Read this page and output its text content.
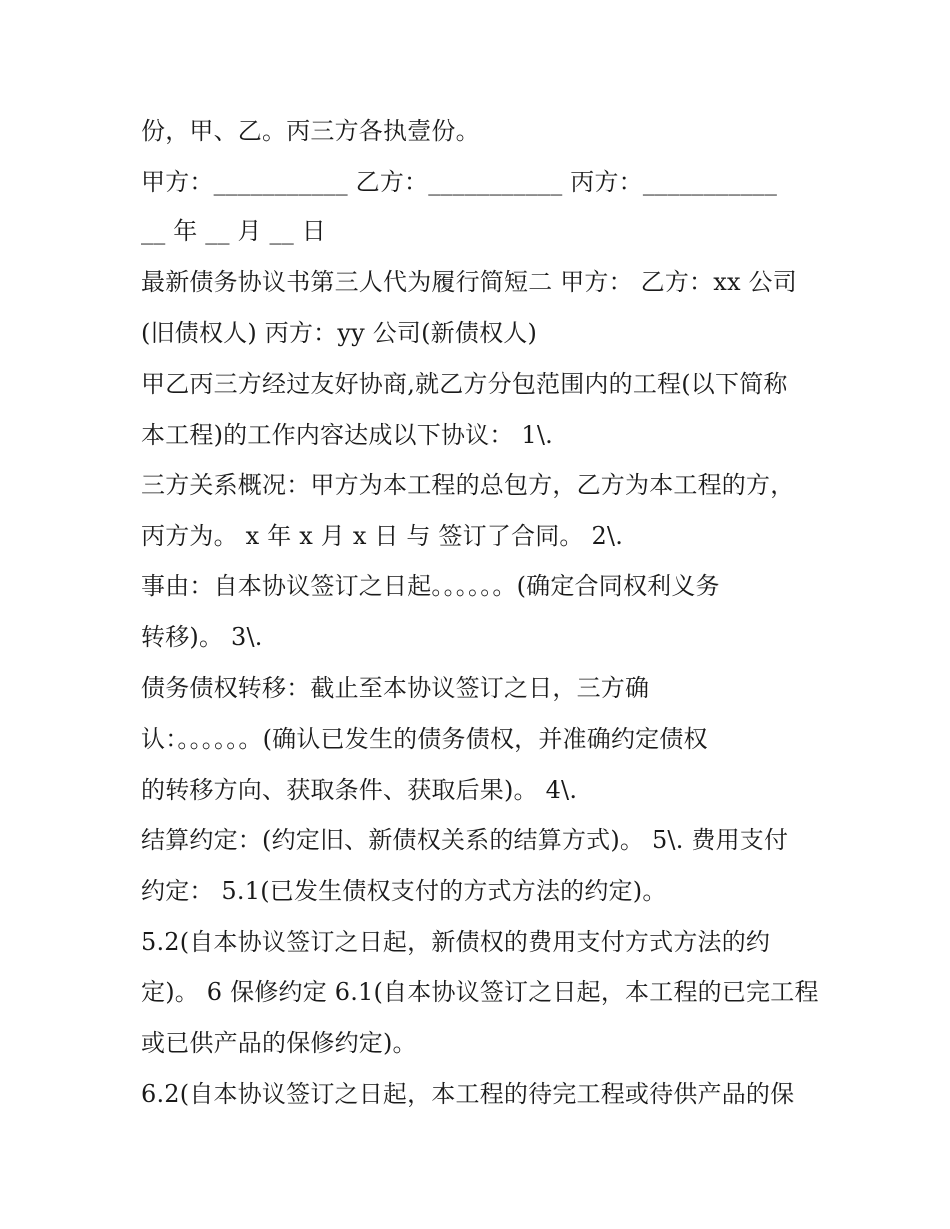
份，甲、乙。丙三方各执壹份。
甲方：___________ 乙方：___________ 丙方：___________
__ 年 __ 月 __ 日
最新债务协议书第三人代为履行简短二 甲方： 乙方：xx 公司
(旧债权人) 丙方：yy 公司(新债权人)
甲乙丙三方经过友好协商,就乙方分包范围内的工程(以下简称
本工程)的工作内容达成以下协议： 1\.
三方关系概况：甲方为本工程的总包方，乙方为本工程的方，
丙方为。 x 年 x 月 x 日 与 签订了合同。 2\.
事由：自本协议签订之日起。。。。。。(确定合同权利义务
转移)。 3\.
债务债权转移：截止至本协议签订之日，三方确
认：。。。。。。(确认已发生的债务债权，并准确约定债权
的转移方向、获取条件、获取后果)。 4\.
结算约定：(约定旧、新债权关系的结算方式)。 5\. 费用支付
约定： 5.1(已发生债权支付的方式方法的约定)。
5.2(自本协议签订之日起，新债权的费用支付方式方法的约
定)。 6 保修约定 6.1(自本协议签订之日起，本工程的已完工程
或已供产品的保修约定)。
6.2(自本协议签订之日起，本工程的待完工程或待供产品的保
